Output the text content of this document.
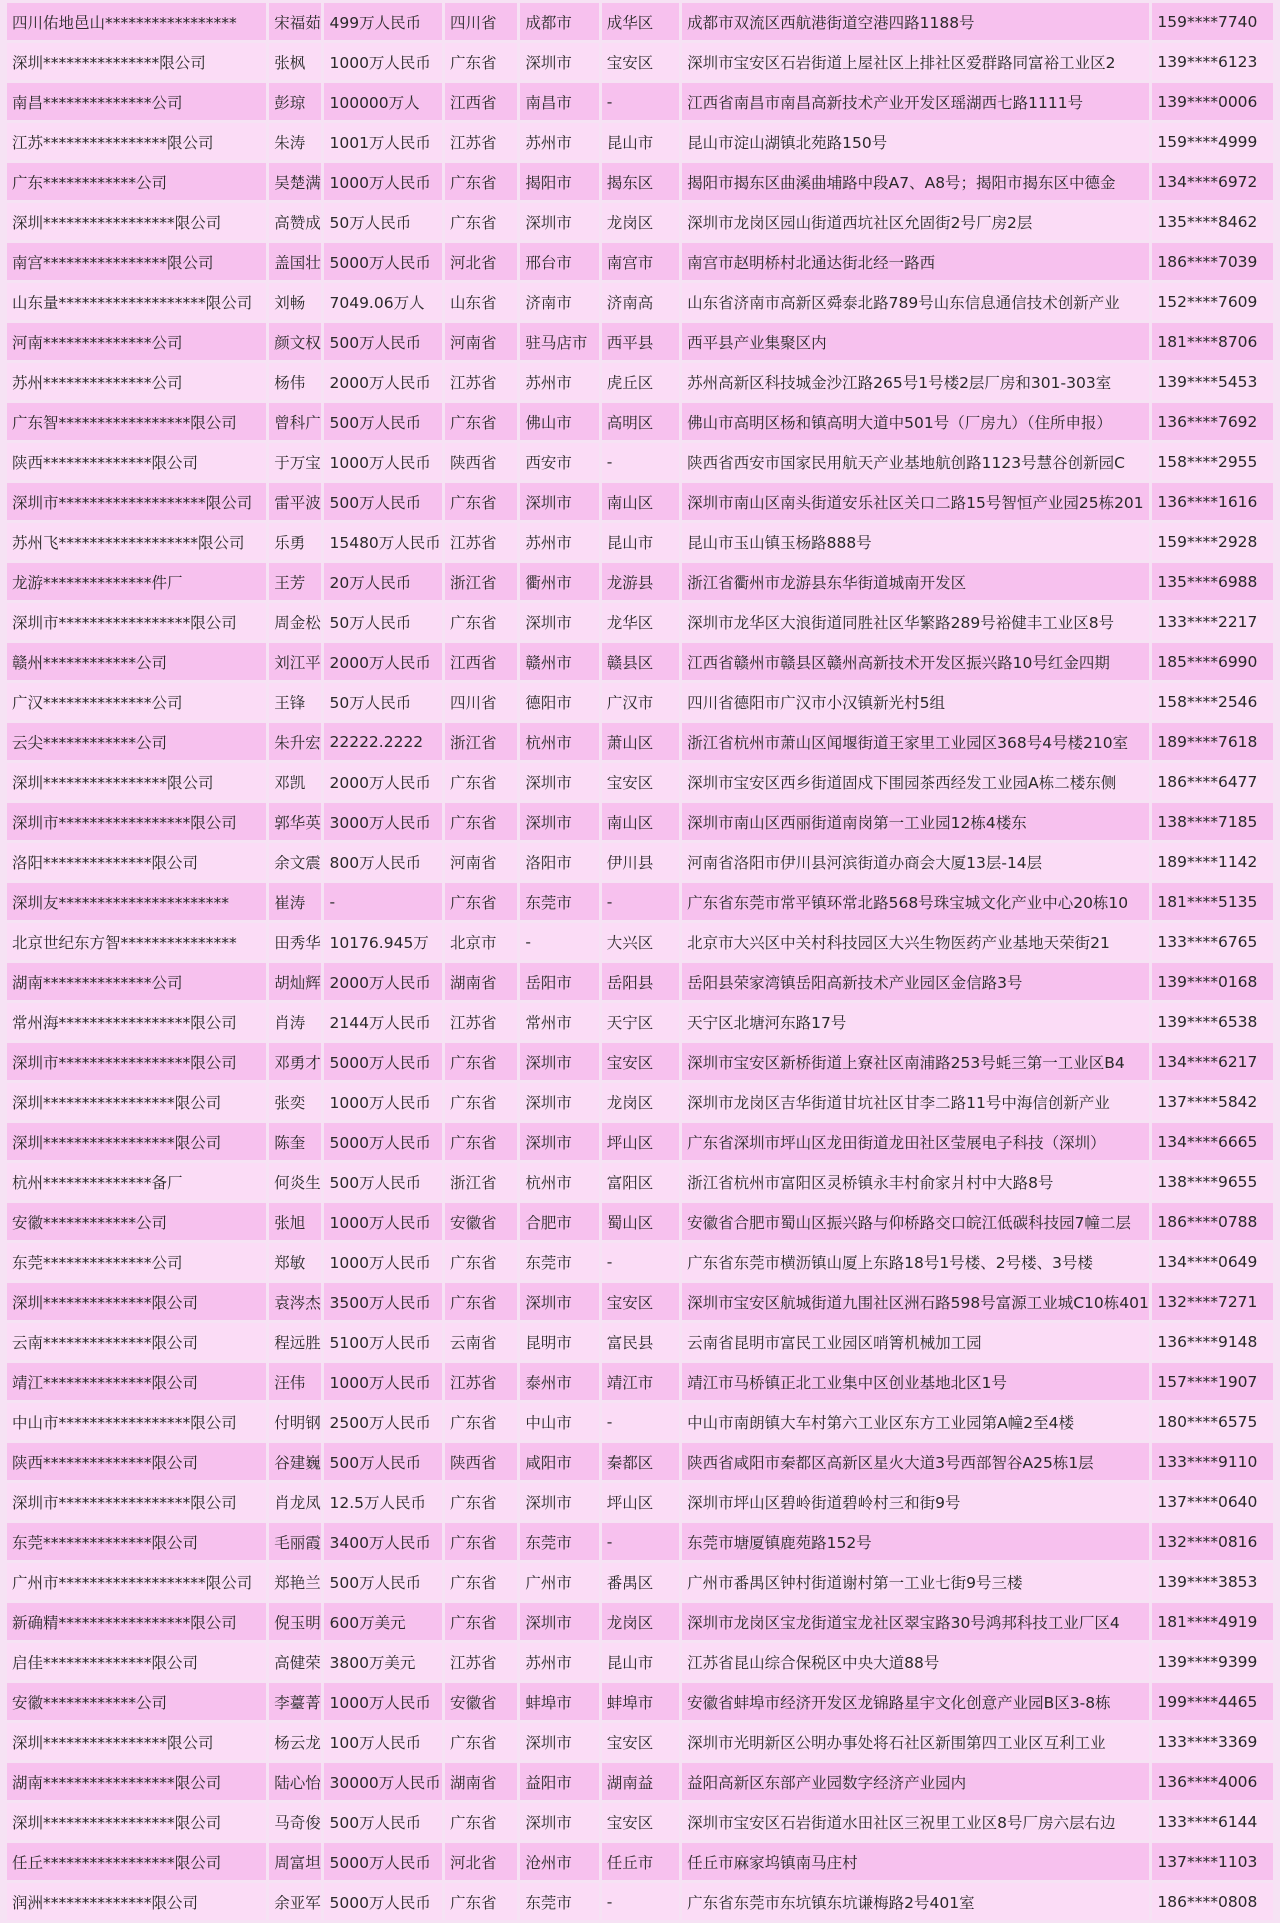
四川佑地邑山*****************	宋福茹	499万人民币	四川省	成都市	成华区	成都市双流区西航港街道空港四路1188号	159****7740
深圳***************限公司	张枫	1000万人民币	广东省	深圳市	宝安区	深圳市宝安区石岩街道上屋社区上排社区爱群路同富裕工业区2	139****6123
南昌**************公司	彭琼	100000万人	江西省	南昌市	-	江西省南昌市南昌高新技术产业开发区瑶湖西七路1111号	139****0006
江苏****************限公司	朱涛	1001万人民币	江苏省	苏州市	昆山市	昆山市淀山湖镇北苑路150号	159****4999
广东************公司	吴楚满	1000万人民币	广东省	揭阳市	揭东区	揭阳市揭东区曲溪曲埔路中段A7、A8号；揭阳市揭东区中德金	134****6972
深圳*****************限公司	高赞成	50万人民币	广东省	深圳市	龙岗区	深圳市龙岗区园山街道西坑社区允固街2号厂房2层	135****8462
南宫****************限公司	盖国壮	5000万人民币	河北省	邢台市	南宫市	南宫市赵明桥村北通达街北经一路西	186****7039
山东量*******************限公司	刘畅	7049.06万人	山东省	济南市	济南高	山东省济南市高新区舜泰北路789号山东信息通信技术创新产业	152****7609
河南**************公司	颜文权	500万人民币	河南省	驻马店市	西平县	西平县产业集聚区内	181****8706
苏州**************公司	杨伟	2000万人民币	江苏省	苏州市	虎丘区	苏州高新区科技城金沙江路265号1号楼2层厂房和301-303室	139****5453
广东智*****************限公司	曾科广	500万人民币	广东省	佛山市	高明区	佛山市高明区杨和镇高明大道中501号（厂房九）（住所申报）	136****7692
陕西**************限公司	于万宝	1000万人民币	陕西省	西安市	-	陕西省西安市国家民用航天产业基地航创路1123号慧谷创新园C	158****2955
深圳市*******************限公司	雷平波	500万人民币	广东省	深圳市	南山区	深圳市南山区南头街道安乐社区关口二路15号智恒产业园25栋201	136****1616
苏州飞******************限公司	乐勇	15480万人民币	江苏省	苏州市	昆山市	昆山市玉山镇玉杨路888号	159****2928
龙游**************件厂	王芳	20万人民币	浙江省	衢州市	龙游县	浙江省衢州市龙游县东华街道城南开发区	135****6988
深圳市*****************限公司	周金松	50万人民币	广东省	深圳市	龙华区	深圳市龙华区大浪街道同胜社区华繁路289号裕健丰工业区8号	133****2217
赣州************公司	刘江平	2000万人民币	江西省	赣州市	赣县区	江西省赣州市赣县区赣州高新技术开发区振兴路10号红金四期	185****6990
广汉**************公司	王锋	50万人民币	四川省	德阳市	广汉市	四川省德阳市广汉市小汉镇新光村5组	158****2546
云尖************公司	朱升宏	22222.2222	浙江省	杭州市	萧山区	浙江省杭州市萧山区闻堰街道王家里工业园区368号4号楼210室	189****7618
深圳****************限公司	邓凯	2000万人民币	广东省	深圳市	宝安区	深圳市宝安区西乡街道固戍下围园茶西经发工业园A栋二楼东侧	186****6477
深圳市*****************限公司	郭华英	3000万人民币	广东省	深圳市	南山区	深圳市南山区西丽街道南岗第一工业园12栋4楼东	138****7185
洛阳**************限公司	余文震	800万人民币	河南省	洛阳市	伊川县	河南省洛阳市伊川县河滨街道办商会大厦13层-14层	189****1142
深圳友**********************	崔涛	-	广东省	东莞市	-	广东省东莞市常平镇环常北路568号珠宝城文化产业中心20栋10	181****5135
北京世纪东方智***************	田秀华	10176.945万	北京市	-	大兴区	北京市大兴区中关村科技园区大兴生物医药产业基地天荣街21	133****6765
湖南**************公司	胡灿辉	2000万人民币	湖南省	岳阳市	岳阳县	岳阳县荣家湾镇岳阳高新技术产业园区金信路3号	139****0168
常州海*****************限公司	肖涛	2144万人民币	江苏省	常州市	天宁区	天宁区北塘河东路17号	139****6538
深圳市*****************限公司	邓勇才	5000万人民币	广东省	深圳市	宝安区	深圳市宝安区新桥街道上寮社区南浦路253号蚝三第一工业区B4	134****6217
深圳*****************限公司	张奕	1000万人民币	广东省	深圳市	龙岗区	深圳市龙岗区吉华街道甘坑社区甘李二路11号中海信创新产业	137****5842
深圳*****************限公司	陈奎	5000万人民币	广东省	深圳市	坪山区	广东省深圳市坪山区龙田街道龙田社区莹展电子科技（深圳）	134****6665
杭州**************备厂	何炎生	500万人民币	浙江省	杭州市	富阳区	浙江省杭州市富阳区灵桥镇永丰村俞家爿村中大路8号	138****9655
安徽************公司	张旭	1000万人民币	安徽省	合肥市	蜀山区	安徽省合肥市蜀山区振兴路与仰桥路交口皖江低碳科技园7幢二层	186****0788
东莞**************公司	郑敏	1000万人民币	广东省	东莞市	-	广东省东莞市横沥镇山厦上东路18号1号楼、2号楼、3号楼	134****0649
深圳**************限公司	袁涔杰	3500万人民币	广东省	深圳市	宝安区	深圳市宝安区航城街道九围社区洲石路598号富源工业城C10栋401	132****7271
云南**************限公司	程远胜	5100万人民币	云南省	昆明市	富民县	云南省昆明市富民工业园区哨箐机械加工园	136****9148
靖江**************限公司	汪伟	1000万人民币	江苏省	泰州市	靖江市	靖江市马桥镇正北工业集中区创业基地北区1号	157****1907
中山市*****************限公司	付明钢	2500万人民币	广东省	中山市	-	中山市南朗镇大车村第六工业区东方工业园第A幢2至4楼	180****6575
陕西**************限公司	谷建巍	500万人民币	陕西省	咸阳市	秦都区	陕西省咸阳市秦都区高新区星火大道3号西部智谷A25栋1层	133****9110
深圳市*****************限公司	肖龙凤	12.5万人民币	广东省	深圳市	坪山区	深圳市坪山区碧岭街道碧岭村三和街9号	137****0640
东莞**************限公司	毛丽霞	3400万人民币	广东省	东莞市	-	东莞市塘厦镇鹿苑路152号	132****0816
广州市*******************限公司	郑艳兰	500万人民币	广东省	广州市	番禺区	广州市番禺区钟村街道谢村第一工业七街9号三楼	139****3853
新确精*****************限公司	倪玉明	600万美元	广东省	深圳市	龙岗区	深圳市龙岗区宝龙街道宝龙社区翠宝路30号鸿邦科技工业厂区4	181****4919
启佳**************限公司	高健荣	3800万美元	江苏省	苏州市	昆山市	江苏省昆山综合保税区中央大道88号	139****9399
安徽************公司	李薹菁	1000万人民币	安徽省	蚌埠市	蚌埠市	安徽省蚌埠市经济开发区龙锦路星宇文化创意产业园B区3-8栋	199****4465
深圳****************限公司	杨云龙	100万人民币	广东省	深圳市	宝安区	深圳市光明新区公明办事处将石社区新围第四工业区互利工业	133****3369
湖南*****************限公司	陆心怡	30000万人民币	湖南省	益阳市	湖南益	益阳高新区东部产业园数字经济产业园内	136****4006
深圳*****************限公司	马奇俊	500万人民币	广东省	深圳市	宝安区	深圳市宝安区石岩街道水田社区三祝里工业区8号厂房六层右边	133****6144
任丘*****************限公司	周富坦	5000万人民币	河北省	沧州市	任丘市	任丘市麻家坞镇南马庄村	137****1103
润洲**************限公司	余亚军	5000万人民币	广东省	东莞市	-	广东省东莞市东坑镇东坑谦梅路2号401室	186****0808
